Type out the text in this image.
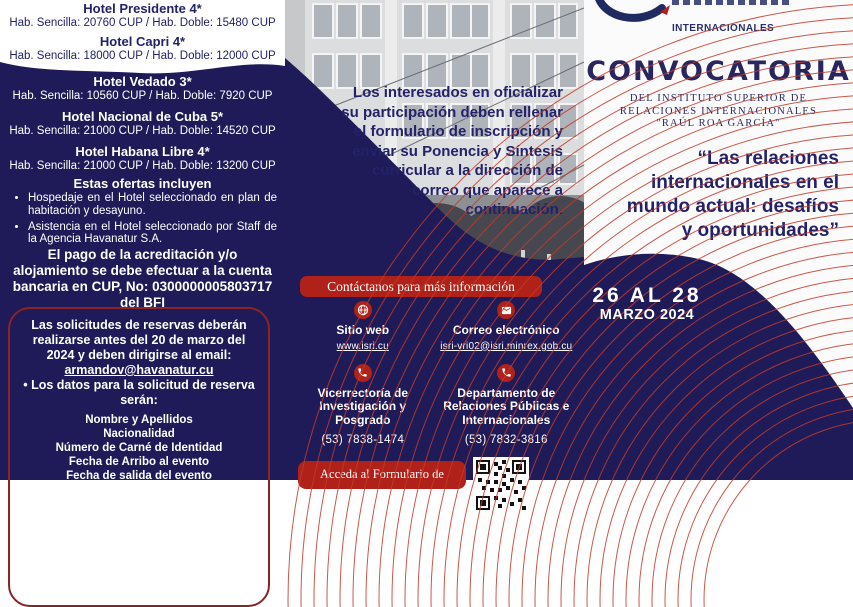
Hotel Presidente 4*
Hab. Sencilla: 20760 CUP / Hab. Doble: 15480 CUP
Hotel Capri 4*
Hab. Sencilla: 18000 CUP / Hab. Doble: 12000 CUP
Hotel Vedado 3*
Hab. Sencilla: 10560 CUP / Hab. Doble: 7920 CUP
Hotel Nacional de Cuba 5*
Hab. Sencilla: 21000 CUP / Hab. Doble: 14520 CUP
Hotel Habana Libre 4*
Hab. Sencilla: 21000 CUP / Hab. Doble: 13200 CUP
Estas ofertas incluyen
• Hospedaje en el Hotel seleccionado en plan de habitación y desayuno.
• Asistencia en el Hotel seleccionado por Staff de la Agencia Havanatur S.A.
El pago de la acreditación y/o alojamiento se debe efectuar a la cuenta bancaria en CUP, No: 0300000005803717 del BFI
Las solicitudes de reservas deberán realizarse antes del 20 de marzo del 2024 y deben dirigirse al email: armandov@havanatur.cu
• Los datos para la solicitud de reserva serán:
Nombre y Apellidos
Nacionalidad
Número de Carné de Identidad
Fecha de Arribo al evento
Fecha de salida del evento
En caso de delegados extranjeros, se necesita, además, si realizarán servicios adicionales con Havanatur
Los interesados en oficializar su participación deben rellenar el formulario de inscripción y enviar su Ponencia y Síntesis curricular a la dirección de correo que aparece a continuación.
Contáctanos para más información
Sitio web
www.isri.cu
Correo electrónico
isri-vri02@isri.minrex.gob.cu
Vicerrectoría de Investigación y Posgrado
(53) 7838-1474
Departamento de Relaciones Públicas e Internacionales
(53) 7832-3816
Acceda al Formulario de
INTERNACIONALES
CONVOCATORIA
DEL INSTITUTO SUPERIOR DE
RELACIONES INTERNACIONALES
"RAÚL ROA GARCÍA"
“Las relaciones internacionales en el mundo actual: desafíos y oportunidades”
26 AL 28
MARZO 2024
